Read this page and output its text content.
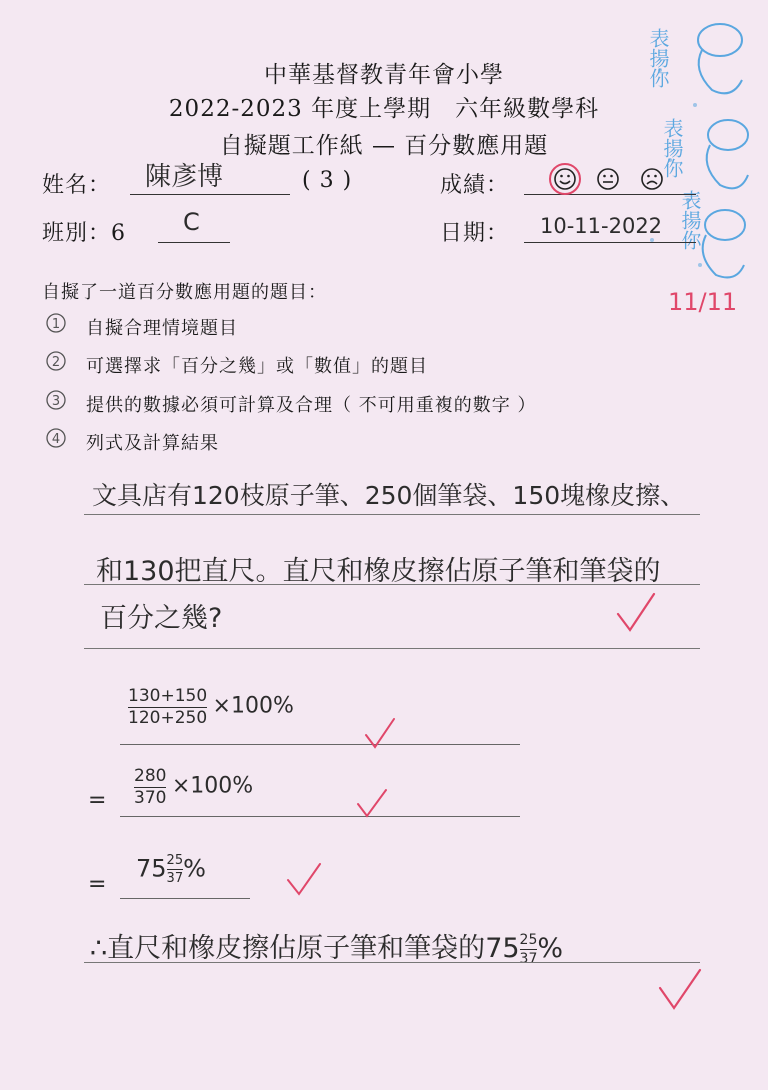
中華基督教青年會小學
2022-2023 年度上學期　六年級數學科
自擬題工作紙 — 百分數應用題
表揚你
表揚你
表揚你
姓名： 陳彥博	( 3 )	成績：
班別：6 C	日期： 10-11-2022
11/11
自擬了一道百分數應用題的題目：
1 自擬合理情境題目
2 可選擇求「百分之幾」或「數值」的題目
3 提供的數據必須可計算及合理（ 不可用重複的數字 ）
4 列式及計算結果
文具店有120枝原子筆、250個筆袋、150塊橡皮擦、
和130把直尺。直尺和橡皮擦佔原子筆和筆袋的
百分之幾?
$\frac{130+150}{120+250} \times 100\%$
= $\frac{280}{370} \times 100\%$
=
$75 \frac{25}{37}$ %
∴直尺和橡皮擦佔原子筆和筆袋的$75 \frac{25}{37}$ %
